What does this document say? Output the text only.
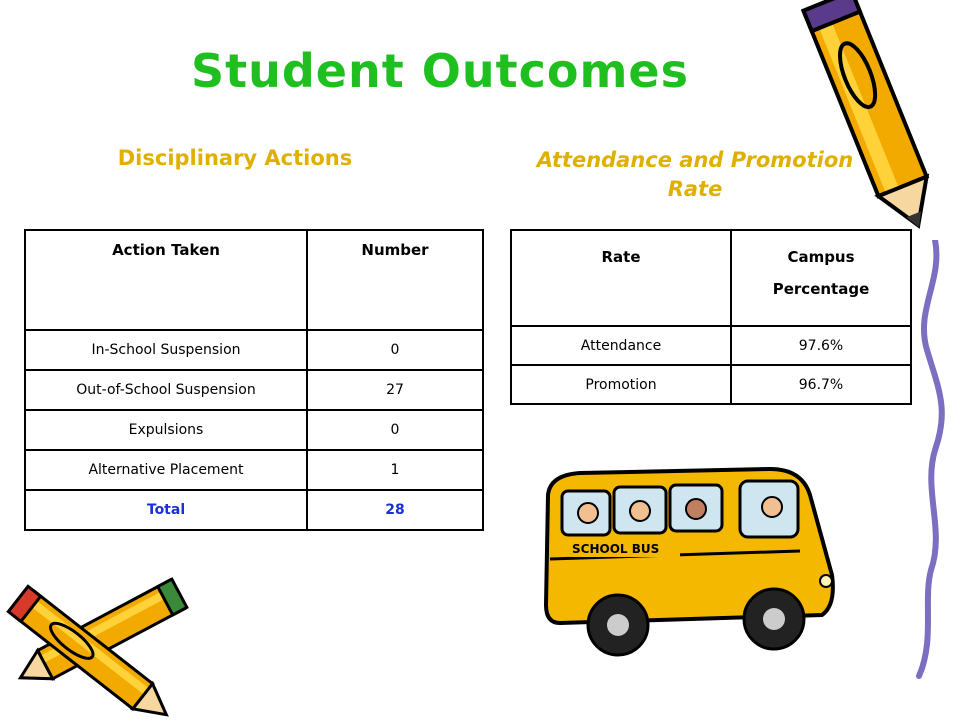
Student Outcomes
Disciplinary Actions	Attendance and Promotion
Rate
Action Taken	Number
In-School Suspension	0
Out-of-School Suspension	27
Expulsions	0
Alternative Placement	1
Total	28
Rate	Campus
Percentage
Attendance	97.6%
Promotion	96.7%
SCHOOL BUS
